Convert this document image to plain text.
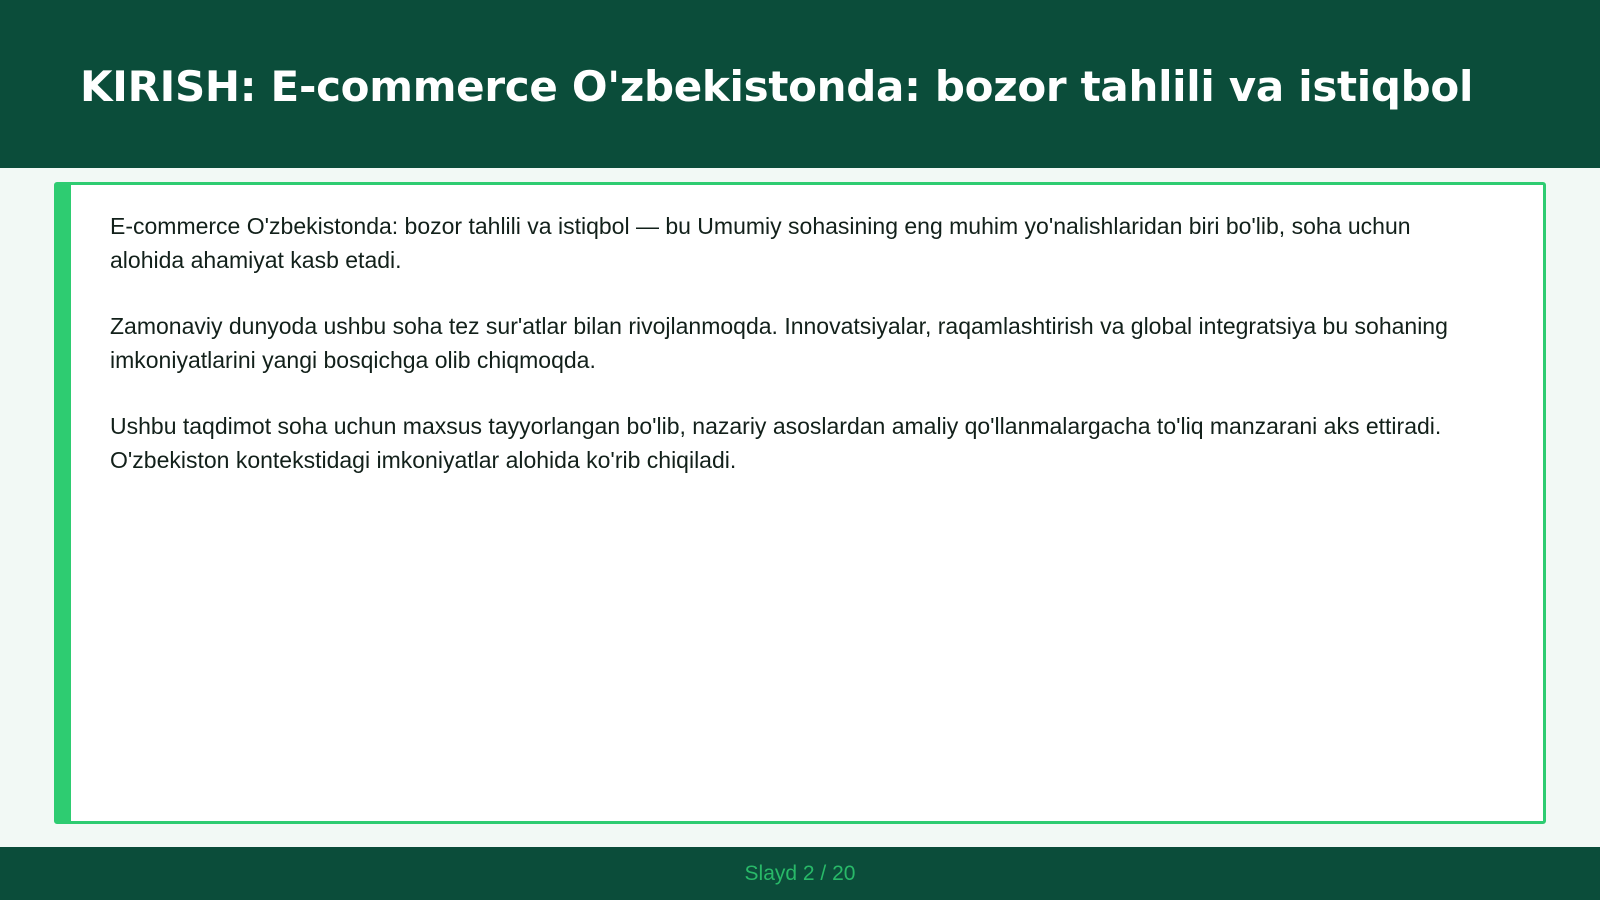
KIRISH: E-commerce O'zbekistonda: bozor tahlili va istiqbol

E-commerce O'zbekistonda: bozor tahlili va istiqbol — bu Umumiy sohasining eng muhim yo'nalishlaridan biri bo'lib, soha uchun alohida ahamiyat kasb etadi.

Zamonaviy dunyoda ushbu soha tez sur'atlar bilan rivojlanmoqda. Innovatsiyalar, raqamlashtirish va global integratsiya bu sohaning imkoniyatlarini yangi bosqichga olib chiqmoqda.

Ushbu taqdimot soha uchun maxsus tayyorlangan bo'lib, nazariy asoslardan amaliy qo'llanmalargacha to'liq manzarani aks ettiradi. O'zbekiston kontekstidagi imkoniyatlar alohida ko'rib chiqiladi.

Slayd 2 / 20
